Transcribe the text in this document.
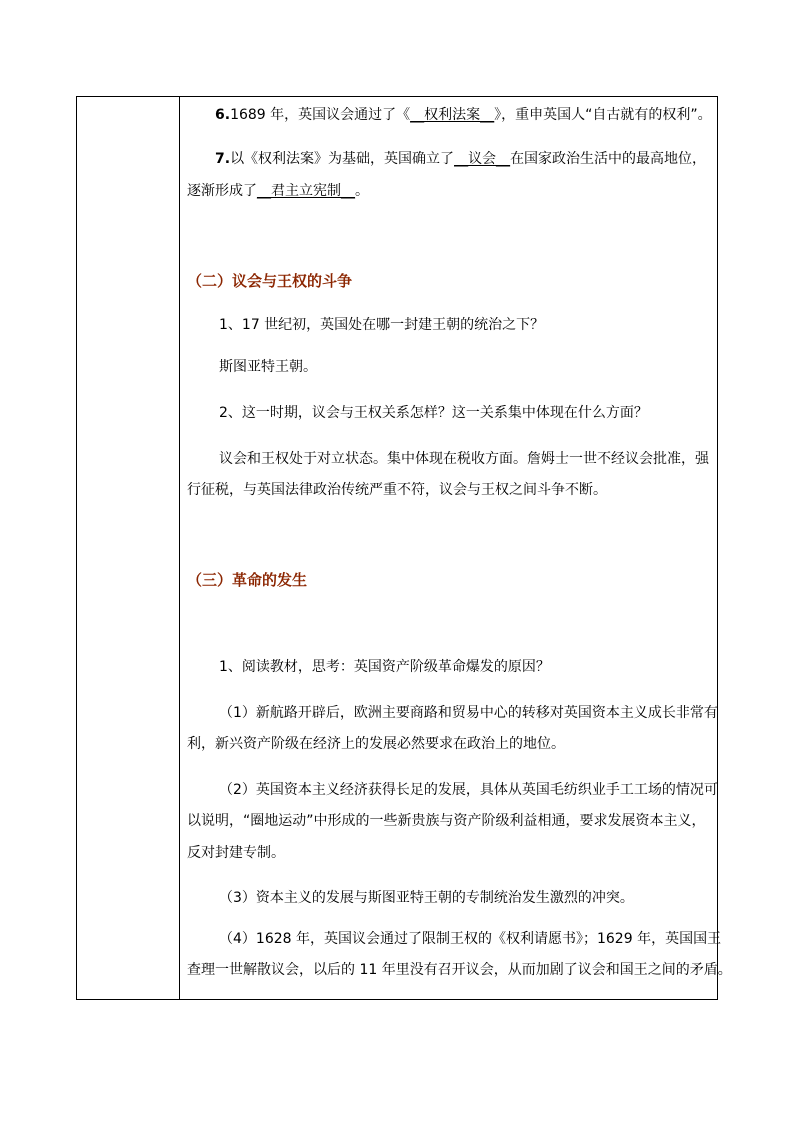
6.1689 年，英国议会通过了《__权利法案__》，重申英国人“自古就有的权利”。
7.以《权利法案》为基础，英国确立了__议会__在国家政治生活中的最高地位，
逐渐形成了__君主立宪制__。
（二）议会与王权的斗争
1、17 世纪初，英国处在哪一封建王朝的统治之下？
斯图亚特王朝。
2、这一时期，议会与王权关系怎样？这一关系集中体现在什么方面？
议会和王权处于对立状态。集中体现在税收方面。詹姆士一世不经议会批准，强
行征税，与英国法律政治传统严重不符，议会与王权之间斗争不断。
（三）革命的发生
1、阅读教材，思考：英国资产阶级革命爆发的原因？
（1）新航路开辟后，欧洲主要商路和贸易中心的转移对英国资本主义成长非常有
利，新兴资产阶级在经济上的发展必然要求在政治上的地位。
（2）英国资本主义经济获得长足的发展，具体从英国毛纺织业手工工场的情况可
以说明，“圈地运动”中形成的一些新贵族与资产阶级利益相通，要求发展资本主义，
反对封建专制。
（3）资本主义的发展与斯图亚特王朝的专制统治发生激烈的冲突。
（4）1628 年，英国议会通过了限制王权的《权利请愿书》；1629 年，英国国王
查理一世解散议会，以后的 11 年里没有召开议会，从而加剧了议会和国王之间的矛盾。
